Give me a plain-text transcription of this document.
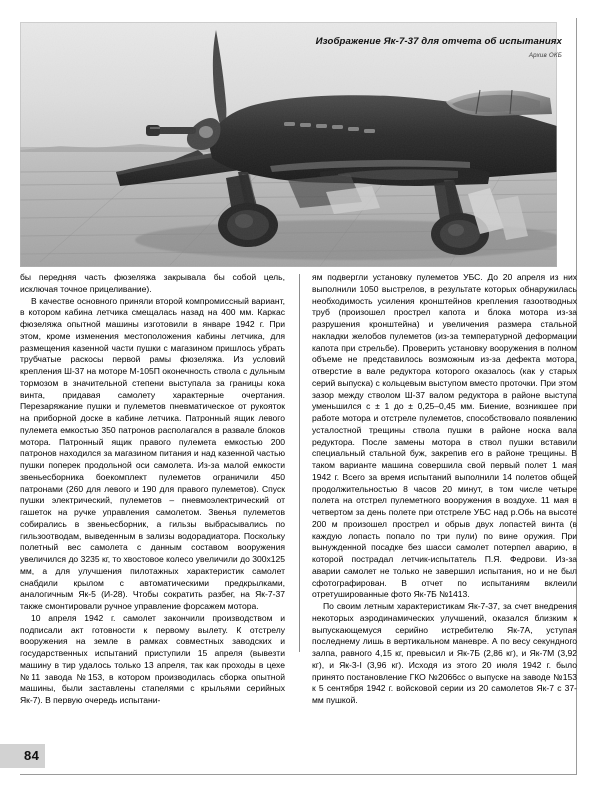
Изображение Як-7-37 для отчета об испытаниях
Архив ОКБ

бы передняя часть фюзеляжа закрывала бы собой цель, исключая точное прицеливание).

В качестве основного приняли второй компромиссный вариант, в котором кабина летчика смещалась назад на 400 мм. Каркас фюзеляжа опытной машины изготовили в январе 1942 г. При этом, кроме изменения местоположения кабины летчика, для размещения казенной части пушки с магазином пришлось убрать трубчатые раскосы первой рамы фюзеляжа. Из условий крепления Ш-37 на моторе М-105П оконечность ствола с дульным тормозом в значительной степени выступала за границы кока винта, придавая самолету характерные очертания. Перезаряжание пушки и пулеметов пневматическое от рукояток на приборной доске в кабине летчика. Патронный ящик левого пулемета емкостью 350 патронов располагался в развале блоков мотора. Патронный ящик правого пулемета емкостью 200 патронов находился за магазином питания и над казенной частью пушки поперек продольной оси самолета. Из-за малой емкости звеньесборника боекомплект пулеметов ограничили 450 патронами (260 для левого и 190 для правого пулеметов). Спуск пушки электрический, пулеметов – пневмоэлектрический от гашеток на ручке управления самолетом. Звенья пулеметов собирались в звеньесборник, а гильзы выбрасывались по гильзоотводам, выведенным в зализы водорадиатора. Поскольку полетный вес самолета с данным составом вооружения увеличился до 3235 кг, то хвостовое колесо увеличили до 300х125 мм, а для улучшения пилотажных характеристик самолет снабдили крылом с автоматическими предкрылками, аналогичным Як-5 (И-28). Чтобы сократить разбег, на Як-7-37 также смонтировали ручное управление форсажем мотора.

10 апреля 1942 г. самолет закончили производством и подписали акт готовности к первому вылету. К отстрелу вооружения на земле в рамках совместных заводских и государственных испытаний приступили 15 апреля (вывезти машину в тир удалось только 13 апреля, так как проходы в цехе №11 завода №153, в котором производилась сборка опытной машины, были заставлены стапелями с крыльями серийных Як-7). В первую очередь испытани-

ям подвергли установку пулеметов УБС. До 20 апреля из них выполнили 1050 выстрелов, в результате которых обнаружилась необходимость усиления кронштейнов крепления газоотводных труб (произошел прострел капота и блока мотора из-за разрушения кронштейна) и увеличения размера стальной накладки желобов пулеметов (из-за температурной деформации капота при стрельбе). Проверить установку вооружения в полном объеме не представилось возможным из-за дефекта мотора, отверстие в вале редуктора которого оказалось (как у старых серий выпуска) с кольцевым выступом вместо проточки. При этом зазор между стволом Ш-37 валом редуктора в районе выступа уменьшился с ± 1 до ± 0,25–0,45 мм. Биение, возникшее при работе мотора и отстреле пулеметов, способствовало появлению усталостной трещины ствола пушки в районе носка вала редуктора. После замены мотора в ствол пушки вставили специальный стальной буж, закрепив его в районе трещины. В таком варианте машина совершила свой первый полет 1 мая 1942 г. Всего за время испытаний выполнили 14 полетов общей продолжительностью 8 часов 20 минут, в том числе четыре полета на отстрел пулеметного вооружения в воздухе. 11 мая в четвертом за день полете при отстреле УБС над р.Обь на высоте 200 м произошел прострел и обрыв двух лопастей винта (в каждую лопасть попало по три пули) по вине оружия. При вынужденной посадке без шасси самолет потерпел аварию, в которой пострадал летчик-испытатель П.Я. Федрови. Из-за аварии самолет не только не завершил испытания, но и не был сфотографирован. В отчет по испытаниям вклеили отретушированные фото Як-7Б №1413.

По своим летным характеристикам Як-7-37, за счет внедрения некоторых аэродинамических улучшений, оказался близким к выпускающемуся серийно истребителю Як-7А, уступая последнему лишь в вертикальном маневре. А по весу секундного залпа, равного 4,15 кг, превысил и Як-7Б (2,86 кг), и Як-7М (3,92 кг), и Як-3-I (3,96 кг). Исходя из этого 20 июля 1942 г. было принято постановление ГКО №2066сс о выпуске на заводе №153 к 5 сентября 1942 г. войсковой серии из 20 самолетов Як-7 с 37-мм пушкой.

84
